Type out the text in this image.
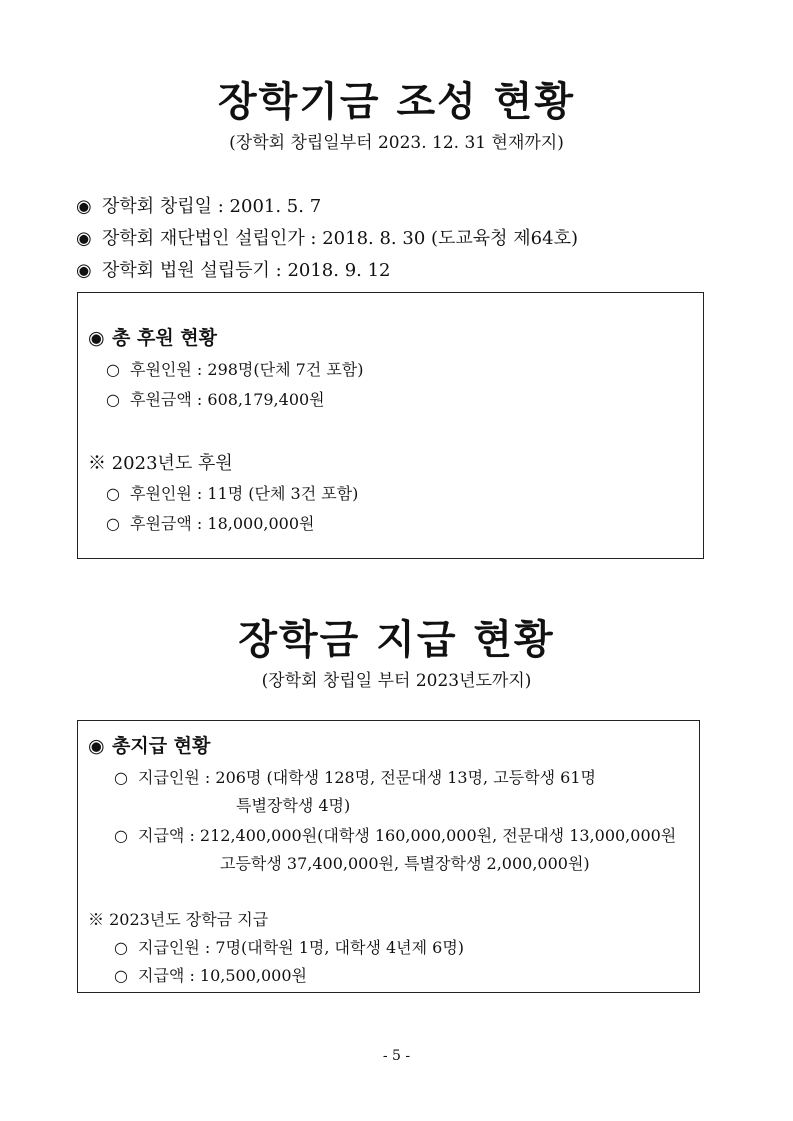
장학기금 조성 현황

(장학회 창립일부터 2023. 12. 31 현재까지)

◉ 장학회 창립일 : 2001. 5. 7
◉ 장학회 재단법인 설립인가 : 2018. 8. 30 (도교육청 제64호)
◉ 장학회 법원 설립등기 : 2018. 9. 12
◉ 총 후원 현황
○ 후원인원 : 298명(단체 7건 포함)
○ 후원금액 : 608,179,400원
※ 2023년도 후원
○ 후원인원 : 11명 (단체 3건 포함)
○ 후원금액 : 18,000,000원
장학금 지급 현황

(장학회 창립일 부터 2023년도까지)

◉ 총지급 현황
○ 지급인원 : 206명 (대학생 128명, 전문대생 13명, 고등학생 61명
특별장학생 4명)
○ 지급액 : 212,400,000원(대학생 160,000,000원, 전문대생 13,000,000원
고등학생 37,400,000원, 특별장학생 2,000,000원)
※ 2023년도 장학금 지급
○ 지급인원 : 7명(대학원 1명, 대학생 4년제 6명)
○ 지급액 : 10,500,000원
- 5 -
